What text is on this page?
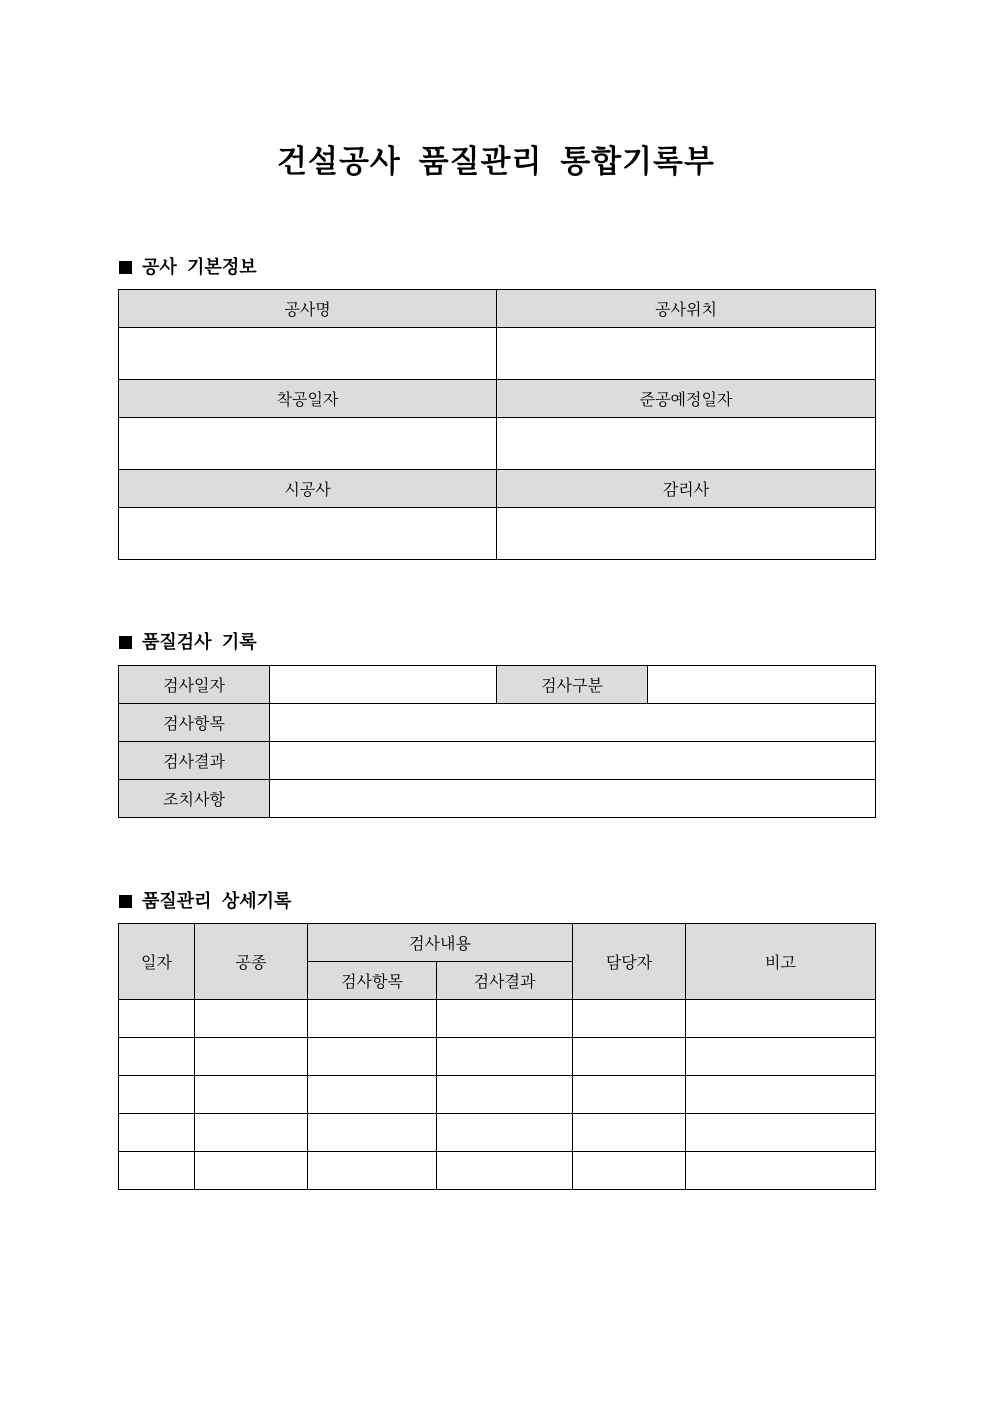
건설공사 품질관리 통합기록부
공사 기본정보
공사명	공사위치

착공일자	준공예정일자

시공사	감리사

품질검사 기록
검사일자		검사구분	
검사항목			
검사결과			
조치사항			
품질관리 상세기록
일자	공종	검사내용		담당자	비고
		검사항목	검사결과		
